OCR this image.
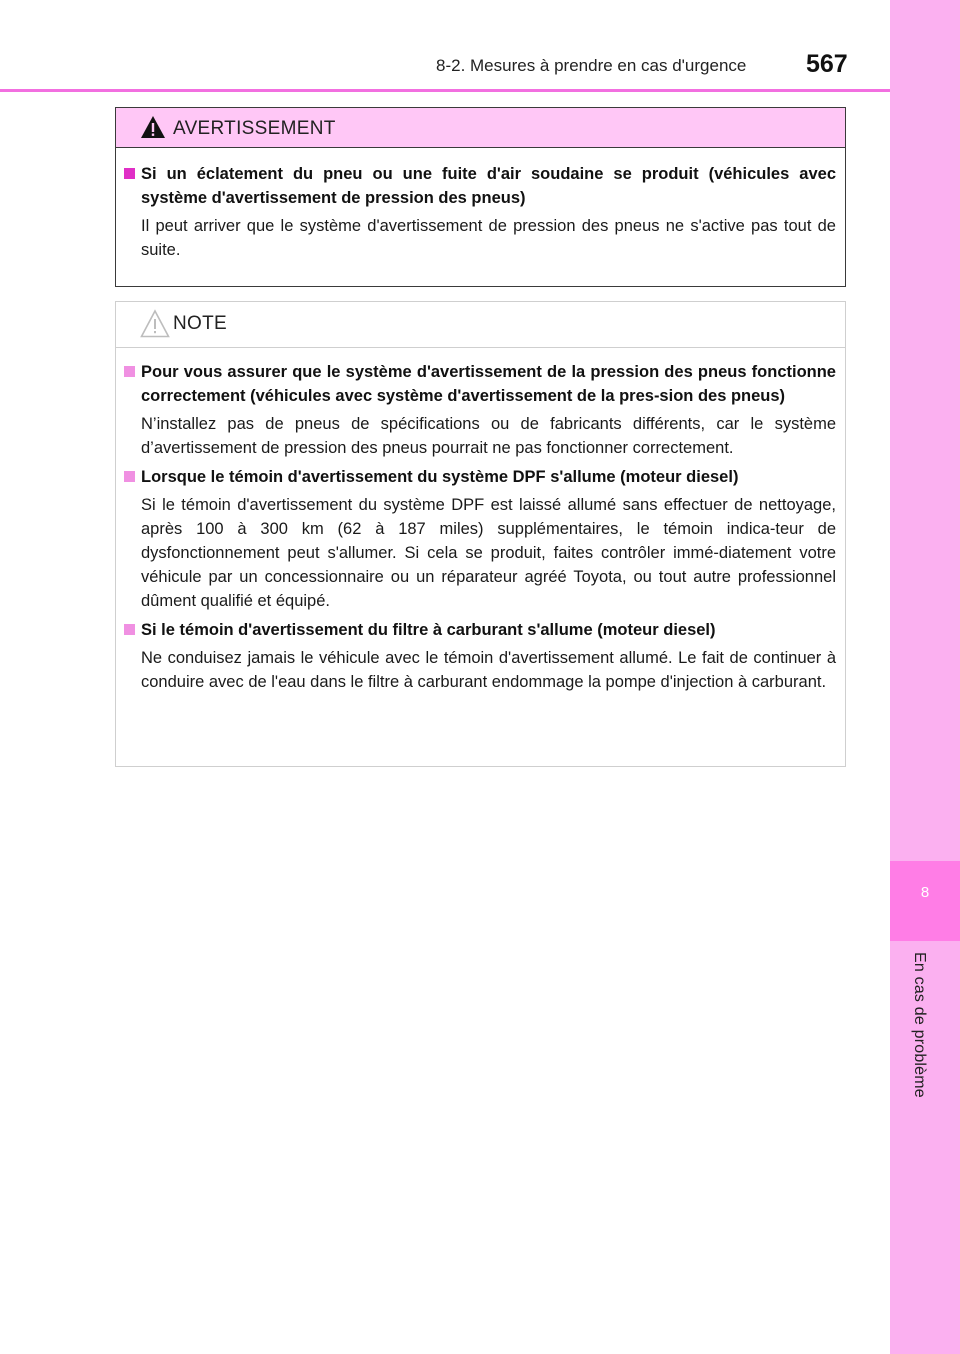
8-2. Mesures à prendre en cas d'urgence 567
8
En cas de problème
AVERTISSEMENT
Si un éclatement du pneu ou une fuite d'air soudaine se produit (véhicules avec système d'avertissement de pression des pneus)
Il peut arriver que le système d'avertissement de pression des pneus ne s'active pas tout de suite.
NOTE
Pour vous assurer que le système d'avertissement de la pression des pneus fonctionne correctement (véhicules avec système d'avertissement de la pres-sion des pneus)
N’installez pas de pneus de spécifications ou de fabricants différents, car le système d’avertissement de pression des pneus pourrait ne pas fonctionner correctement.
Lorsque le témoin d'avertissement du système DPF s'allume (moteur diesel)
Si le témoin d'avertissement du système DPF est laissé allumé sans effectuer de nettoyage, après 100 à 300 km (62 à 187 miles) supplémentaires, le témoin indica-teur de dysfonctionnement peut s'allumer. Si cela se produit, faites contrôler immé-diatement votre véhicule par un concessionnaire ou un réparateur agréé Toyota, ou tout autre professionnel dûment qualifié et équipé.
Si le témoin d'avertissement du filtre à carburant s'allume (moteur diesel)
Ne conduisez jamais le véhicule avec le témoin d'avertissement allumé. Le fait de continuer à conduire avec de l'eau dans le filtre à carburant endommage la pompe d'injection à carburant.
